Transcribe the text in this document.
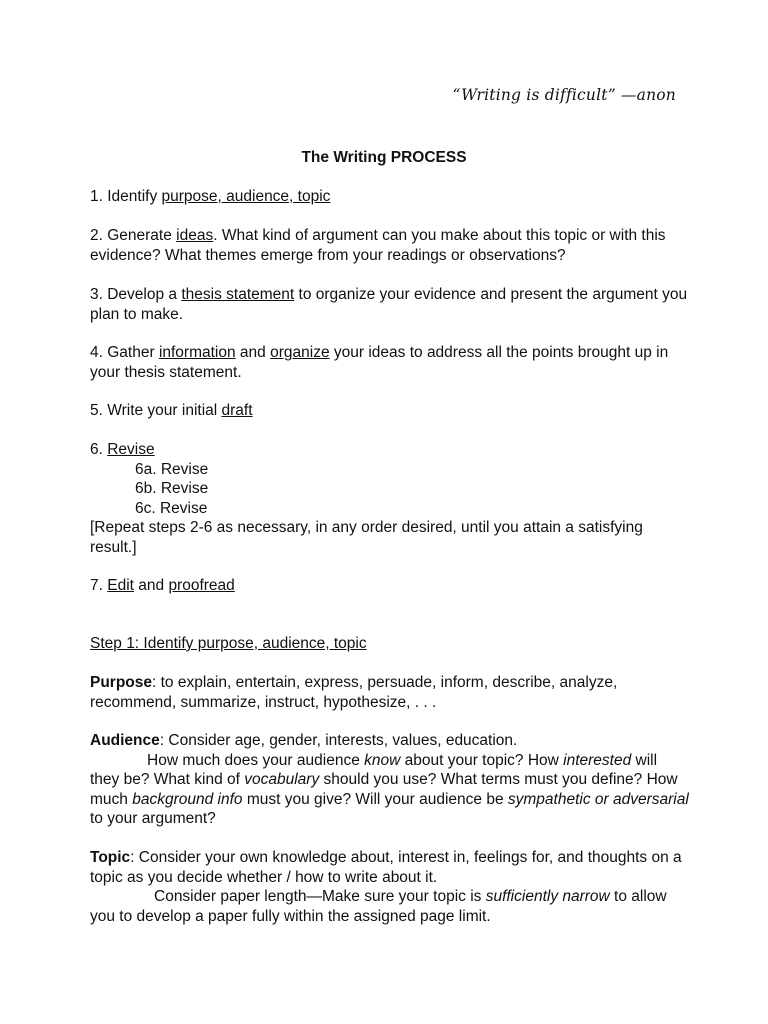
“Writing is difficult” —anon
The Writing PROCESS

1. Identify purpose, audience, topic

2. Generate ideas. What kind of argument can you make about this topic or with this evidence? What themes emerge from your readings or observations?

3. Develop a thesis statement to organize your evidence and present the argument you plan to make.

4. Gather information and organize your ideas to address all the points brought up in your thesis statement.

5. Write your initial draft

6. Revise
6a. Revise
6b. Revise
6c. Revise
[Repeat steps 2-6 as necessary, in any order desired, until you attain a satisfying result.]

7. Edit and proofread

Step 1: Identify purpose, audience, topic

Purpose: to explain, entertain, express, persuade, inform, describe, analyze, recommend, summarize, instruct, hypothesize, . . .

Audience: Consider age, gender, interests, values, education.
How much does your audience know about your topic? How interested will they be? What kind of vocabulary should you use? What terms must you define? How much background info must you give? Will your audience be sympathetic or adversarial to your argument?
Topic: Consider your own knowledge about, interest in, feelings for, and thoughts on a topic as you decide whether / how to write about it.
Consider paper length—Make sure your topic is sufficiently narrow to allow you to develop a paper fully within the assigned page limit.
